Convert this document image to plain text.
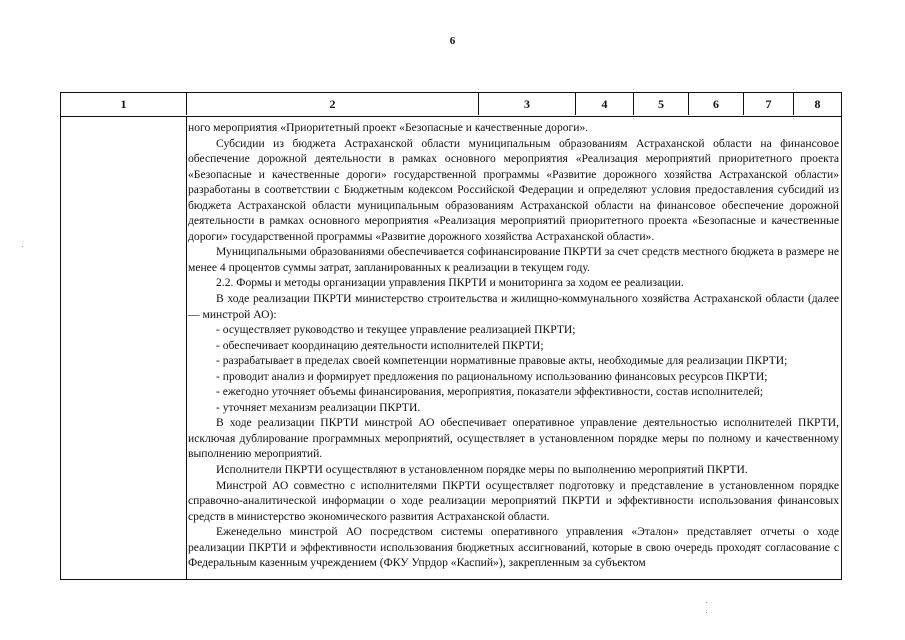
6
1	2	3	4	5	6	7	8

ного мероприятия «Приоритетный проект «Безопасные и качественные дороги».

Субсидии из бюджета Астраханской области муниципальным образованиям Астраханской области на финансовое обеспечение дорожной деятельности в рамках основного мероприятия «Реализация мероприятий приоритетного проекта «Безопасные и качественные дороги» государственной программы «Развитие дорожного хозяйства Астраханской области» разработаны в соответствии с Бюджетным кодексом Российской Федерации и определяют условия предоставления субсидий из бюджета Астраханской области муниципальным образованиям Астраханской области на финансовое обеспечение дорожной деятельности в рамках основного мероприятия «Реализация мероприятий приоритетного проекта «Безопасные и качественные дороги» государственной программы «Развитие дорожного хозяйства Астраханской области».

Муниципальными образованиями обеспечивается софинансирование ПКРТИ за счет средств местного бюджета в размере не менее 4 процентов суммы затрат, запланированных к реализации в текущем году.

2.2. Формы и методы организации управления ПКРТИ и мониторинга за ходом ее реализации.

В ходе реализации ПКРТИ министерство строительства и жилищно-коммунального хозяйства Астраханской области (далее — минстрой АО):

- осуществляет руководство и текущее управление реализацией ПКРТИ;

- обеспечивает координацию деятельности исполнителей ПКРТИ;

- разрабатывает в пределах своей компетенции нормативные правовые акты, необходимые для реализации ПКРТИ;

- проводит анализ и формирует предложения по рациональному использованию финансовых ресурсов ПКРТИ;

- ежегодно уточняет объемы финансирования, мероприятия, показатели эффективности, состав исполнителей;

- уточняет механизм реализации ПКРТИ.

В ходе реализации ПКРТИ минстрой АО обеспечивает оперативное управление деятельностью исполнителей ПКРТИ, исключая дублирование программных мероприятий, осуществляет в установленном порядке меры по полному и качественному выполнению мероприятий.

Исполнители ПКРТИ осуществляют в установленном порядке меры по выполнению мероприятий ПКРТИ.

Минстрой АО совместно с исполнителями ПКРТИ осуществляет подготовку и представление в установленном порядке справочно-аналитической информации о ходе реализации мероприятий ПКРТИ и эффективности использования финансовых средств в министерство экономического развития Астраханской области.

Еженедельно минстрой АО посредством системы оперативного управления «Эталон» представляет отчеты о ходе реализации ПКРТИ и эффективности использования бюджетных ассигнований, которые в свою очередь проходят согласование с Федеральным казенным учреждением (ФКУ Упрдор «Каспий»), закрепленным за субъектом
